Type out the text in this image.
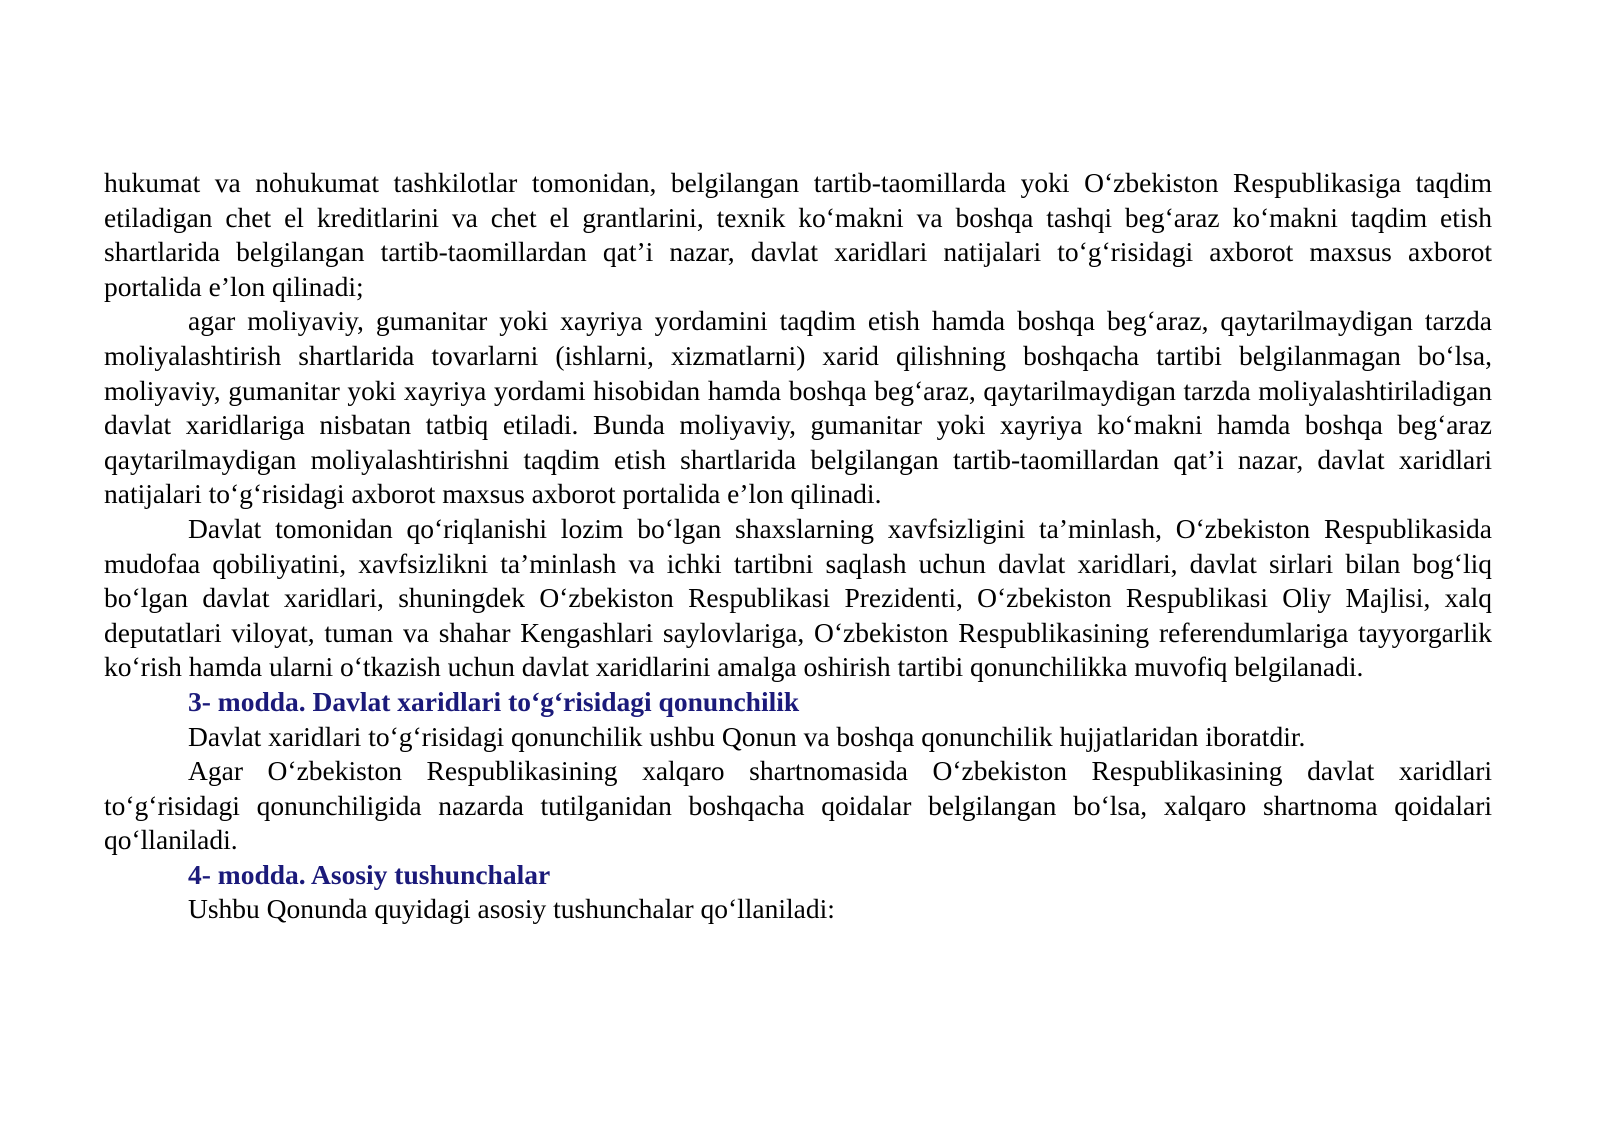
hukumat va nohukumat tashkilotlar tomonidan, belgilangan tartib-taomillarda yoki O‘zbekiston Respublikasiga taqdim etiladigan chet el kreditlarini va chet el grantlarini, texnik ko‘makni va boshqa tashqi beg‘araz ko‘makni taqdim etish shartlarida belgilangan tartib-taomillardan qat’i nazar, davlat xaridlari natijalari to‘g‘risidagi axborot maxsus axborot portalida e’lon qilinadi;

agar moliyaviy, gumanitar yoki xayriya yordamini taqdim etish hamda boshqa beg‘araz, qaytarilmaydigan tarzda moliyalashtirish shartlarida tovarlarni (ishlarni, xizmatlarni) xarid qilishning boshqacha tartibi belgilanmagan bo‘lsa, moliyaviy, gumanitar yoki xayriya yordami hisobidan hamda boshqa beg‘araz, qaytarilmaydigan tarzda moliyalashtiriladigan davlat xaridlariga nisbatan tatbiq etiladi. Bunda moliyaviy, gumanitar yoki xayriya ko‘makni hamda boshqa beg‘araz qaytarilmaydigan moliyalashtirishni taqdim etish shartlarida belgilangan tartib-taomillardan qat’i nazar, davlat xaridlari natijalari to‘g‘risidagi axborot maxsus axborot portalida e’lon qilinadi.

Davlat tomonidan qo‘riqlanishi lozim bo‘lgan shaxslarning xavfsizligini ta’minlash, O‘zbekiston Respublikasida mudofaa qobiliyatini, xavfsizlikni ta’minlash va ichki tartibni saqlash uchun davlat xaridlari, davlat sirlari bilan bog‘liq bo‘lgan davlat xaridlari, shuningdek O‘zbekiston Respublikasi Prezidenti, O‘zbekiston Respublikasi Oliy Majlisi, xalq deputatlari viloyat, tuman va shahar Kengashlari saylovlariga, O‘zbekiston Respublikasining referendumlariga tayyorgarlik ko‘rish hamda ularni o‘tkazish uchun davlat xaridlarini amalga oshirish tartibi qonunchilikka muvofiq belgilanadi.

3- modda. Davlat xaridlari to‘g‘risidagi qonunchilik

Davlat xaridlari to‘g‘risidagi qonunchilik ushbu Qonun va boshqa qonunchilik hujjatlaridan iboratdir.

Agar O‘zbekiston Respublikasining xalqaro shartnomasida O‘zbekiston Respublikasining davlat xaridlari to‘g‘risidagi qonunchiligida nazarda tutilganidan boshqacha qoidalar belgilangan bo‘lsa, xalqaro shartnoma qoidalari qo‘llaniladi.

4- modda. Asosiy tushunchalar

Ushbu Qonunda quyidagi asosiy tushunchalar qo‘llaniladi:
